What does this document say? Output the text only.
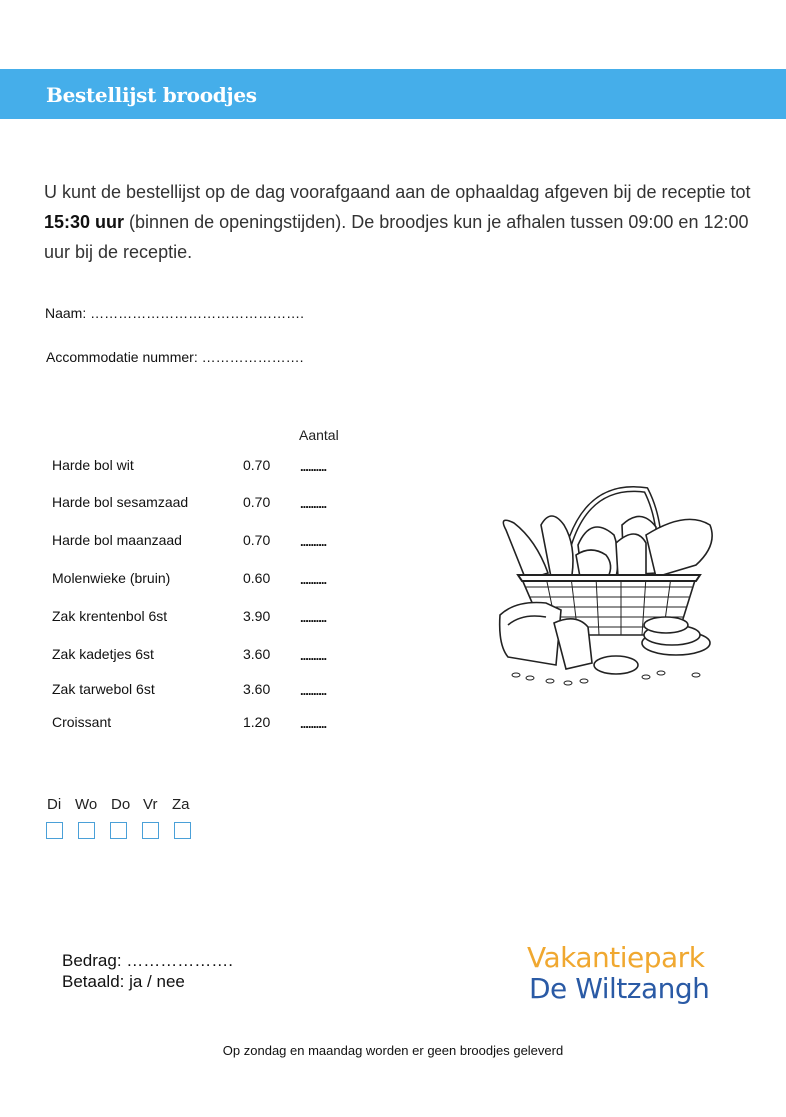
Bestellijst broodjes
U kunt de bestellijst op de dag voorafgaand aan de ophaaldag afgeven bij de receptie tot 15:30 uur (binnen de openingstijden). De broodjes kun je afhalen tussen 09:00 en 12:00 uur bij de receptie.
Naam: ……………………………………….
Accommodatie nummer: ………………….
Aantal
Harde bol wit	0.70 ..........
Harde bol sesamzaad	0.70 ..........
Harde bol maanzaad	0.70 ..........
Molenwieke (bruin)	0.60 ..........
Zak krentenbol 6st	3.90 ..........
Zak kadetjes 6st	3.60 ..........
Zak tarwebol 6st	3.60 ..........
Croissant	1.20 ..........
Di Wo Do Vr Za
Bedrag: ……………….
Betaald: ja / nee
Vakantiepark
De Wiltzangh
Op zondag en maandag worden er geen broodjes geleverd
